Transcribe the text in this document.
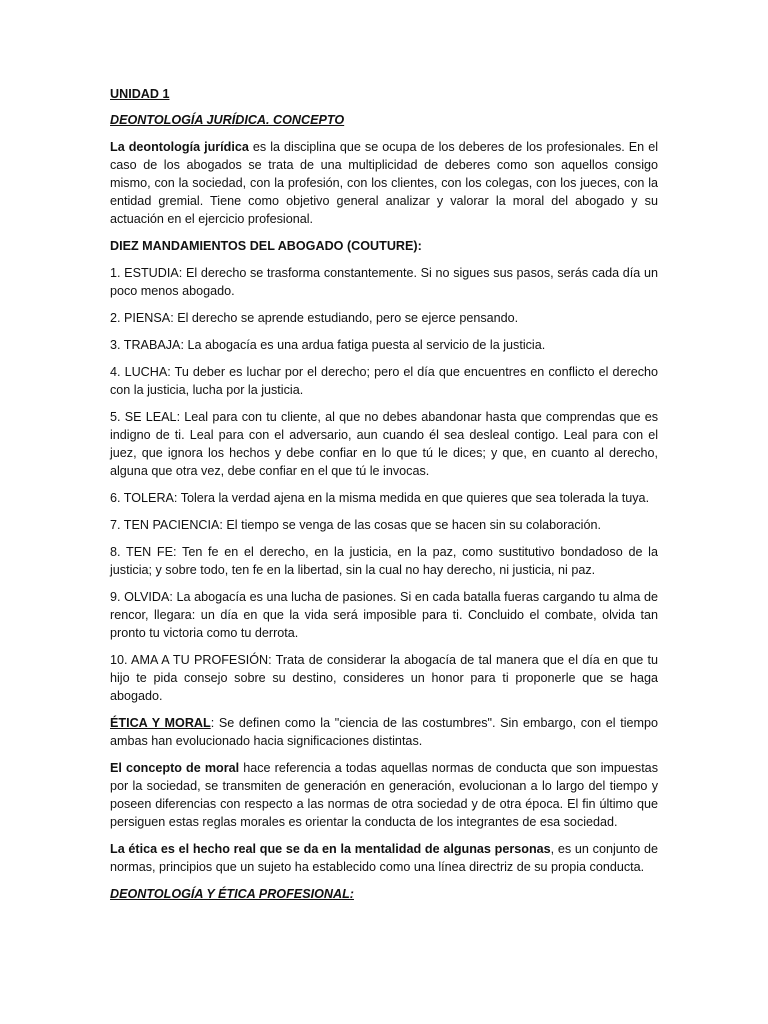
UNIDAD 1

DEONTOLOGÍA JURÍDICA. CONCEPTO

La deontología jurídica es la disciplina que se ocupa de los deberes de los profesionales. En el caso de los abogados se trata de una multiplicidad de deberes como son aquellos consigo mismo, con la sociedad, con la profesión, con los clientes, con los colegas, con los jueces, con la entidad gremial. Tiene como objetivo general analizar y valorar la moral del abogado y su actuación en el ejercicio profesional.

DIEZ MANDAMIENTOS DEL ABOGADO (COUTURE):

1. ESTUDIA: El derecho se trasforma constantemente. Si no sigues sus pasos, serás cada día un poco menos abogado.

2. PIENSA: El derecho se aprende estudiando, pero se ejerce pensando.

3. TRABAJA: La abogacía es una ardua fatiga puesta al servicio de la justicia.

4. LUCHA: Tu deber es luchar por el derecho; pero el día que encuentres en conflicto el derecho con la justicia, lucha por la justicia.

5. SE LEAL: Leal para con tu cliente, al que no debes abandonar hasta que comprendas que es indigno de ti. Leal para con el adversario, aun cuando él sea desleal contigo. Leal para con el juez, que ignora los hechos y debe confiar en lo que tú le dices; y que, en cuanto al derecho, alguna que otra vez, debe confiar en el que tú le invocas.

6. TOLERA: Tolera la verdad ajena en la misma medida en que quieres que sea tolerada la tuya.

7. TEN PACIENCIA: El tiempo se venga de las cosas que se hacen sin su colaboración.

8. TEN FE: Ten fe en el derecho, en la justicia, en la paz, como sustitutivo bondadoso de la justicia; y sobre todo, ten fe en la libertad, sin la cual no hay derecho, ni justicia, ni paz.

9. OLVIDA: La abogacía es una lucha de pasiones. Si en cada batalla fueras cargando tu alma de rencor, llegara: un día en que la vida será imposible para ti. Concluido el combate, olvida tan pronto tu victoria como tu derrota.

10. AMA A TU PROFESIÓN: Trata de considerar la abogacía de tal manera que el día en que tu hijo te pida consejo sobre su destino, consideres un honor para ti proponerle que se haga abogado.

ÉTICA Y MORAL: Se definen como la "ciencia de las costumbres". Sin embargo, con el tiempo ambas han evolucionado hacia significaciones distintas.

El concepto de moral hace referencia a todas aquellas normas de conducta que son impuestas por la sociedad, se transmiten de generación en generación, evolucionan a lo largo del tiempo y poseen diferencias con respecto a las normas de otra sociedad y de otra época. El fin último que persiguen estas reglas morales es orientar la conducta de los integrantes de esa sociedad.

La ética es el hecho real que se da en la mentalidad de algunas personas, es un conjunto de normas, principios que un sujeto ha establecido como una línea directriz de su propia conducta.

DEONTOLOGÍA Y ÉTICA PROFESIONAL:
